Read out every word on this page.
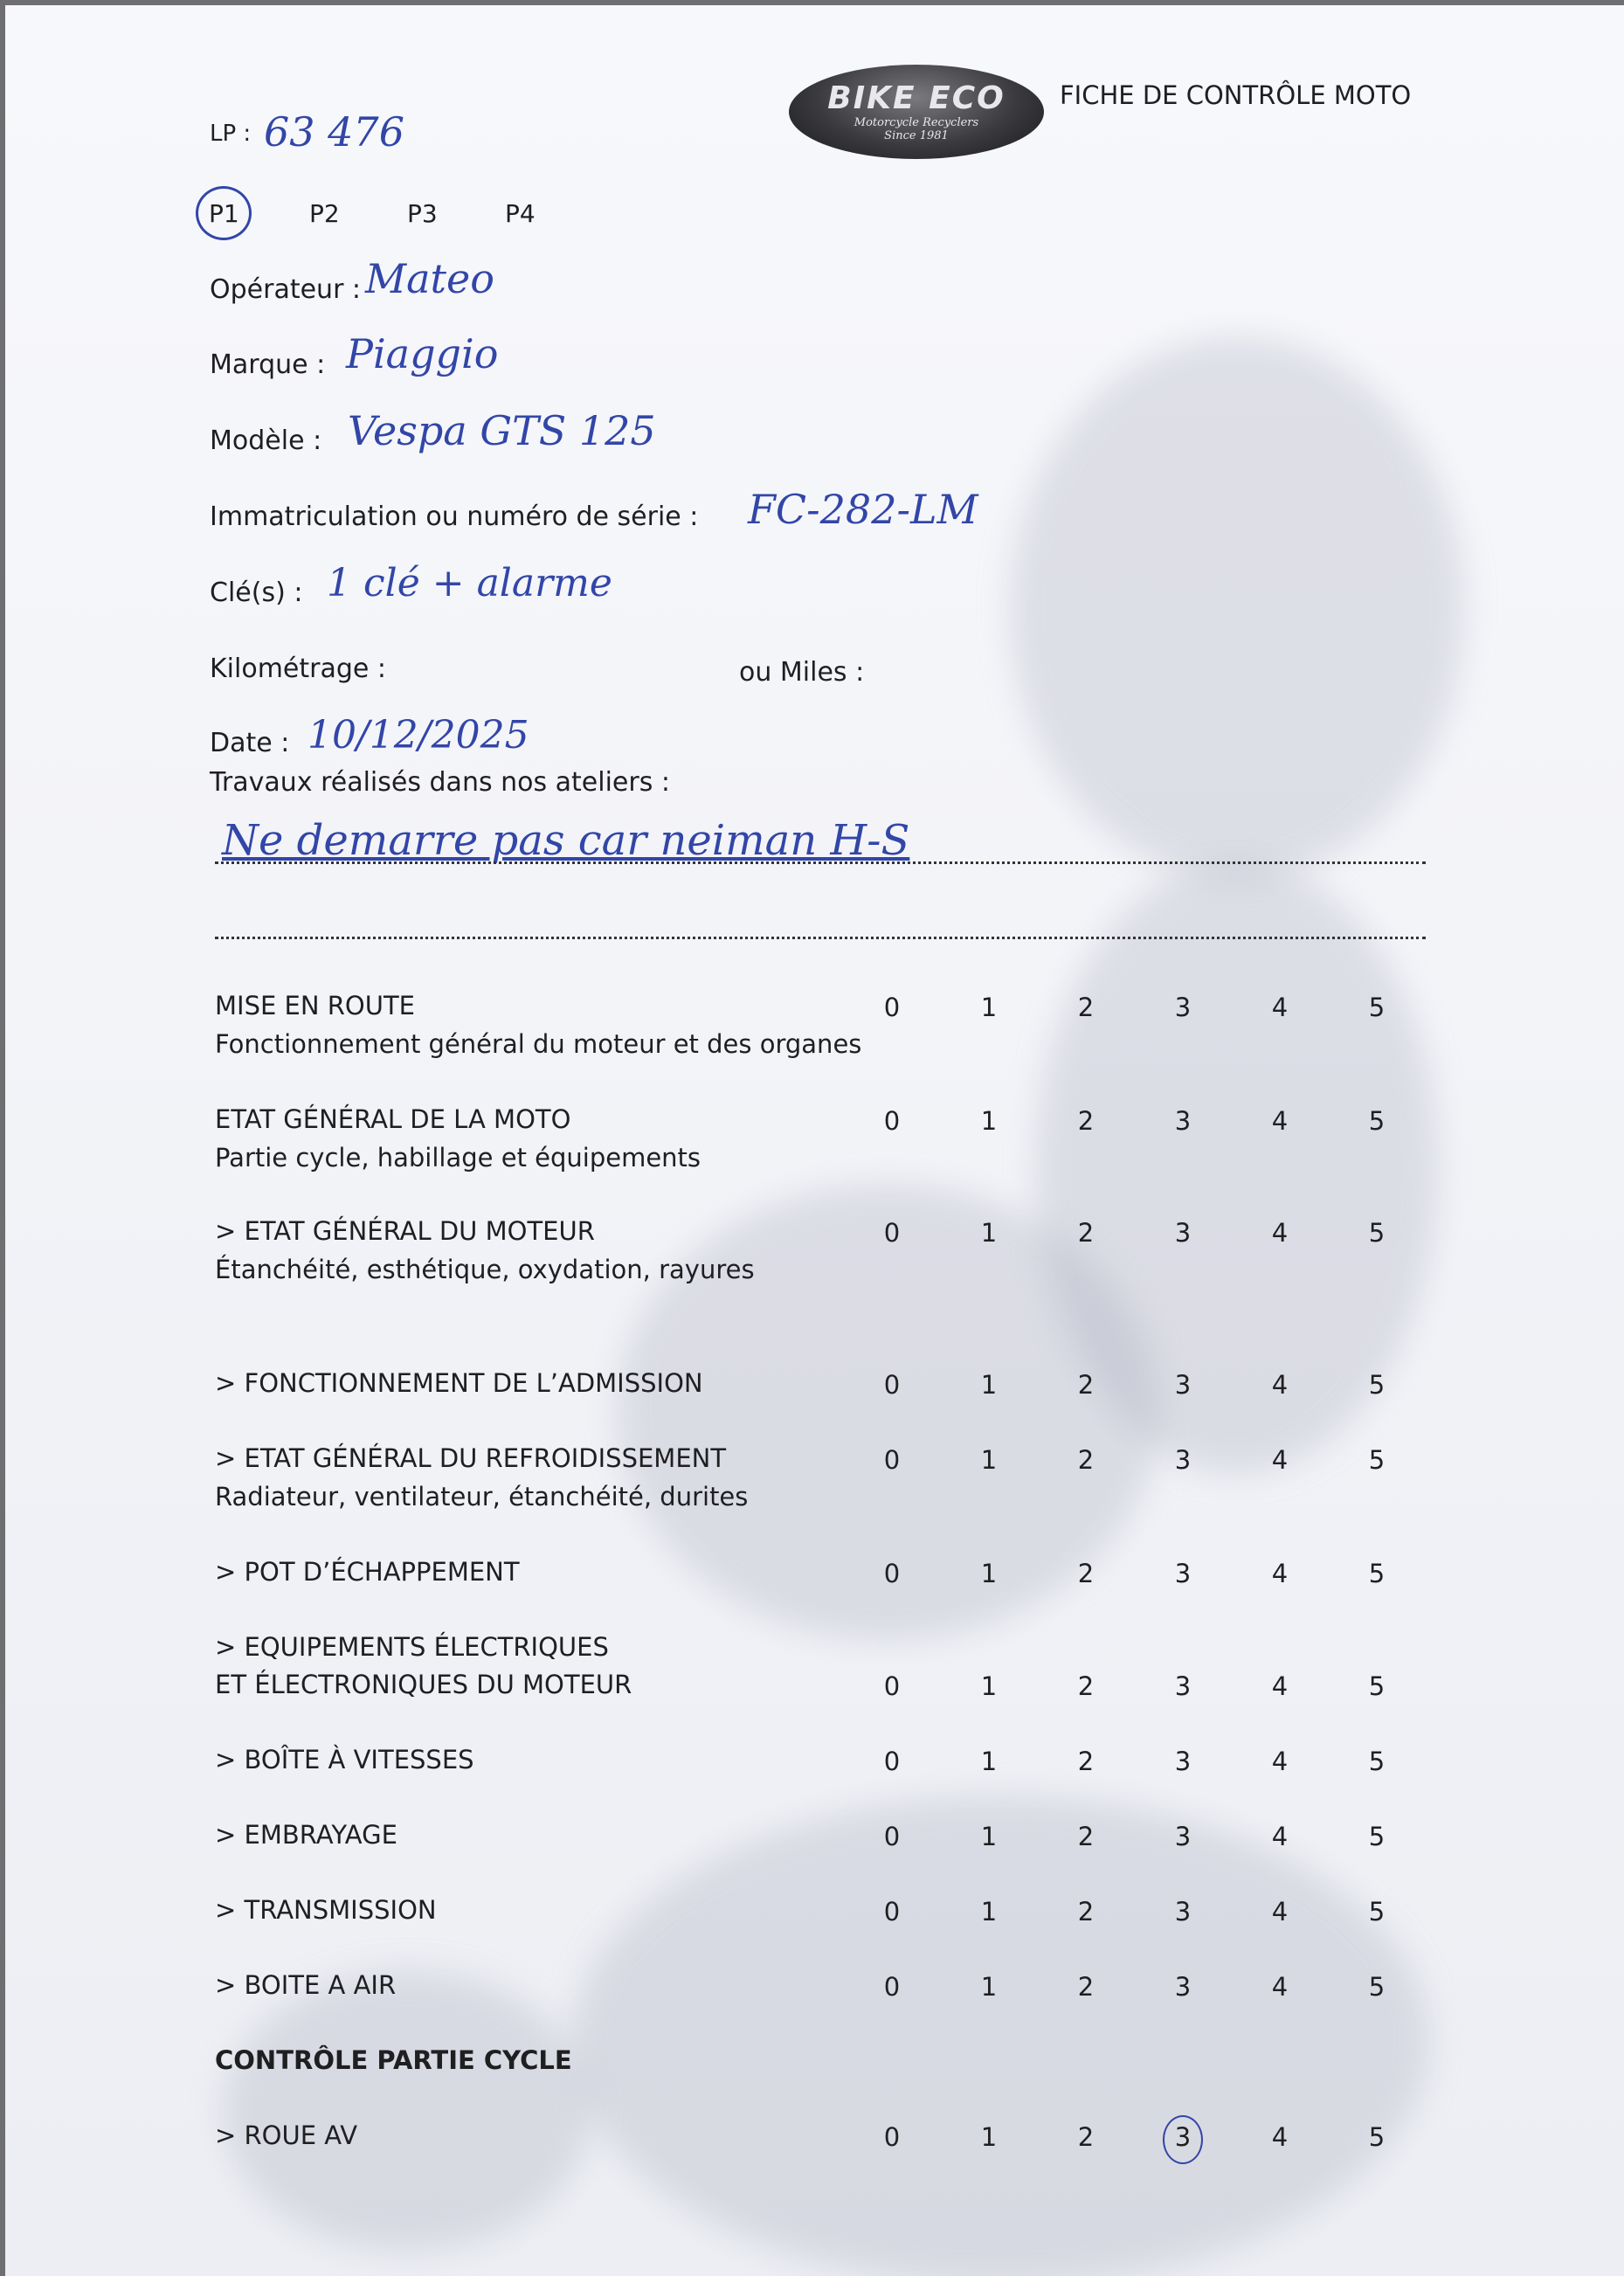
BIKE ECO
Motorcycle Recyclers
Since 1981
FICHE DE CONTRÔLE MOTO
LP : 63 476
P1	P2	P3	P4
Opérateur : Mateo
Marque : Piaggio
Modèle : Vespa GTS 125
Immatriculation ou numéro de série : FC-282-LM
Clé(s) : 1 clé + alarme
Kilométrage :	ou Miles :
Date : 10/12/2025
Travaux réalisés dans nos ateliers :
Ne demarre pas car neiman H-S
MISE EN ROUTE
Fonctionnement général du moteur et des organes
0	1	2	3	4	5
ETAT GÉNÉRAL DE LA MOTO
Partie cycle, habillage et équipements
0	1	2	3	4	5
> ETAT GÉNÉRAL DU MOTEUR
Étanchéité, esthétique, oxydation, rayures
0	1	2	3	4	5
> FONCTIONNEMENT DE L’ADMISSION	0	1	2	3	4	5
> ETAT GÉNÉRAL DU REFROIDISSEMENT
Radiateur, ventilateur, étanchéité, durites
0	1	2	3	4	5
> POT D’ÉCHAPPEMENT	0	1	2	3	4	5
> EQUIPEMENTS ÉLECTRIQUES
ET ÉLECTRONIQUES DU MOTEUR	0	1	2	3	4	5
> BOÎTE À VITESSES	0	1	2	3	4	5
> EMBRAYAGE	0	1	2	3	4	5
> TRANSMISSION	0	1	2	3	4	5
> BOITE A AIR	0	1	2	3	4	5
CONTRÔLE PARTIE CYCLE
> ROUE AV	0	1	2	3	4	5
